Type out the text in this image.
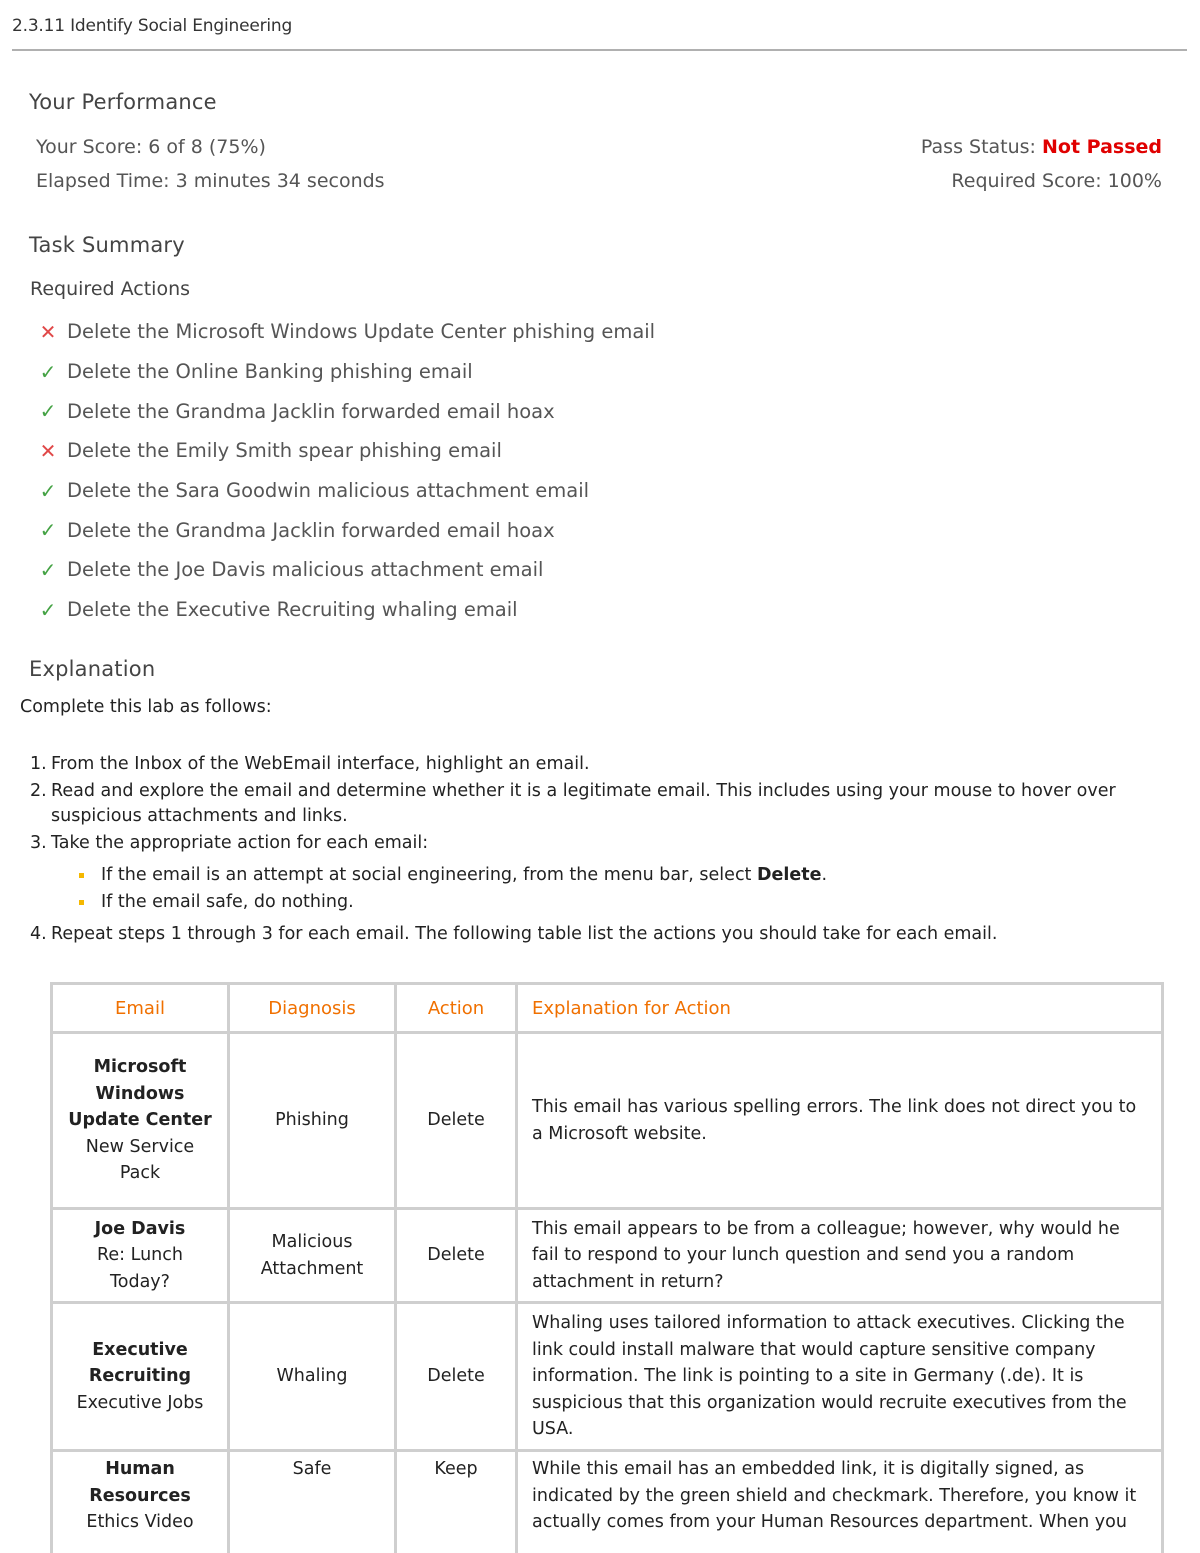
2.3.11 Identify Social Engineering
Your Performance
Your Score: 6 of 8 (75%)
Elapsed Time: 3 minutes 34 seconds
Pass Status: Not Passed
Required Score: 100%
Task Summary
Required Actions
✕ Delete the Microsoft Windows Update Center phishing email
✓ Delete the Online Banking phishing email
✓ Delete the Grandma Jacklin forwarded email hoax
✕ Delete the Emily Smith spear phishing email
✓ Delete the Sara Goodwin malicious attachment email
✓ Delete the Grandma Jacklin forwarded email hoax
✓ Delete the Joe Davis malicious attachment email
✓ Delete the Executive Recruiting whaling email
Explanation
Complete this lab as follows:
1. From the Inbox of the WebEmail interface, highlight an email.
2. Read and explore the email and determine whether it is a legitimate email. This includes using your mouse to hover over suspicious attachments and links.
3. Take the appropriate action for each email:
If the email is an attempt at social engineering, from the menu bar, select Delete.
If the email safe, do nothing.
4. Repeat steps 1 through 3 for each email. The following table list the actions you should take for each email.
Email	Diagnosis	Action	Explanation for Action

Microsoft Windows Update Center
New Service Pack	Phishing	Delete	This email has various spelling errors. The link does not direct you to a Microsoft website.

Joe Davis
Re: Lunch Today?	Malicious Attachment	Delete	This email appears to be from a colleague; however, why would he fail to respond to your lunch question and send you a random attachment in return?

Executive Recruiting
Executive Jobs	Whaling	Delete	Whaling uses tailored information to attack executives. Clicking the link could install malware that would capture sensitive company information. The link is pointing to a site in Germany (.de). It is suspicious that this organization would recruite executives from the USA.

Human Resources
Ethics Video	Safe	Keep	While this email has an embedded link, it is digitally signed, as indicated by the green shield and checkmark. Therefore, you know it actually comes from your Human Resources department. When you
